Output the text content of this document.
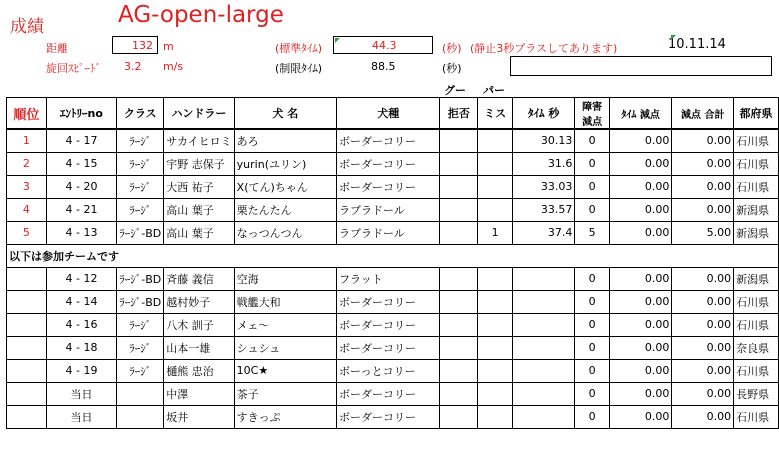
成績	AG-open-large
距離	132 m
旋回ｽﾋﾟｰﾄﾞ 3.2 m/s
(標準ﾀｲﾑ)	44.3	(秒) (静止3秒プラスしてあります)	10.11.14
(制限ﾀｲﾑ)	88.5	(秒)
グー パー
順位	ｴﾝﾄﾘｰno	クラス	ハンドラー	犬 名	犬種	拒否	ミス	ﾀｲﾑ 秒	障害 減点	ﾀｲﾑ 減点	減点 合計	都府県
1	4 - 17	ﾗｰｼﾞ	サカイヒロミ	あろ	ボーダーコリー			30.13	0	0.00	0.00	石川県
2	4 - 15	ﾗｰｼﾞ	宇野 志保子	yurin(ユリン)	ボーダーコリー			31.6	0	0.00	0.00	石川県
3	4 - 20	ﾗｰｼﾞ	大西 祐子	X(てん)ちゃん	ボーダーコリー			33.03	0	0.00	0.00	石川県
4	4 - 21	ﾗｰｼﾞ	高山 葉子	栗たんたん	ラブラドール			33.57	0	0.00	0.00	新潟県
5	4 - 13	ﾗｰｼﾞ-BD	高山 葉子	なっつんつん	ラブラドール		1	37.4	5	0.00	5.00	新潟県
以下は参加チームです												
	4 - 12	ﾗｰｼﾞ-BD	斉藤 義信	空海	フラット				0	0.00	0.00	新潟県
	4 - 14	ﾗｰｼﾞ-BD	越村妙子	戦艦大和	ボーダーコリー				0	0.00	0.00	石川県
	4 - 16	ﾗｰｼﾞ	八木 訓子	メェ～	ボーダーコリー				0	0.00	0.00	石川県
	4 - 18	ﾗｰｼﾞ	山本一雄	シュシュ	ボーダーコリー				0	0.00	0.00	奈良県
	4 - 19	ﾗｰｼﾞ	樋熊 忠治	10C★	ボーっとコリー				0	0.00	0.00	石川県
	当日		中澤	茶子	ボーダーコリー				0	0.00	0.00	長野県
	当日		坂井	すきっぷ	ボーダーコリー				0	0.00	0.00	石川県
